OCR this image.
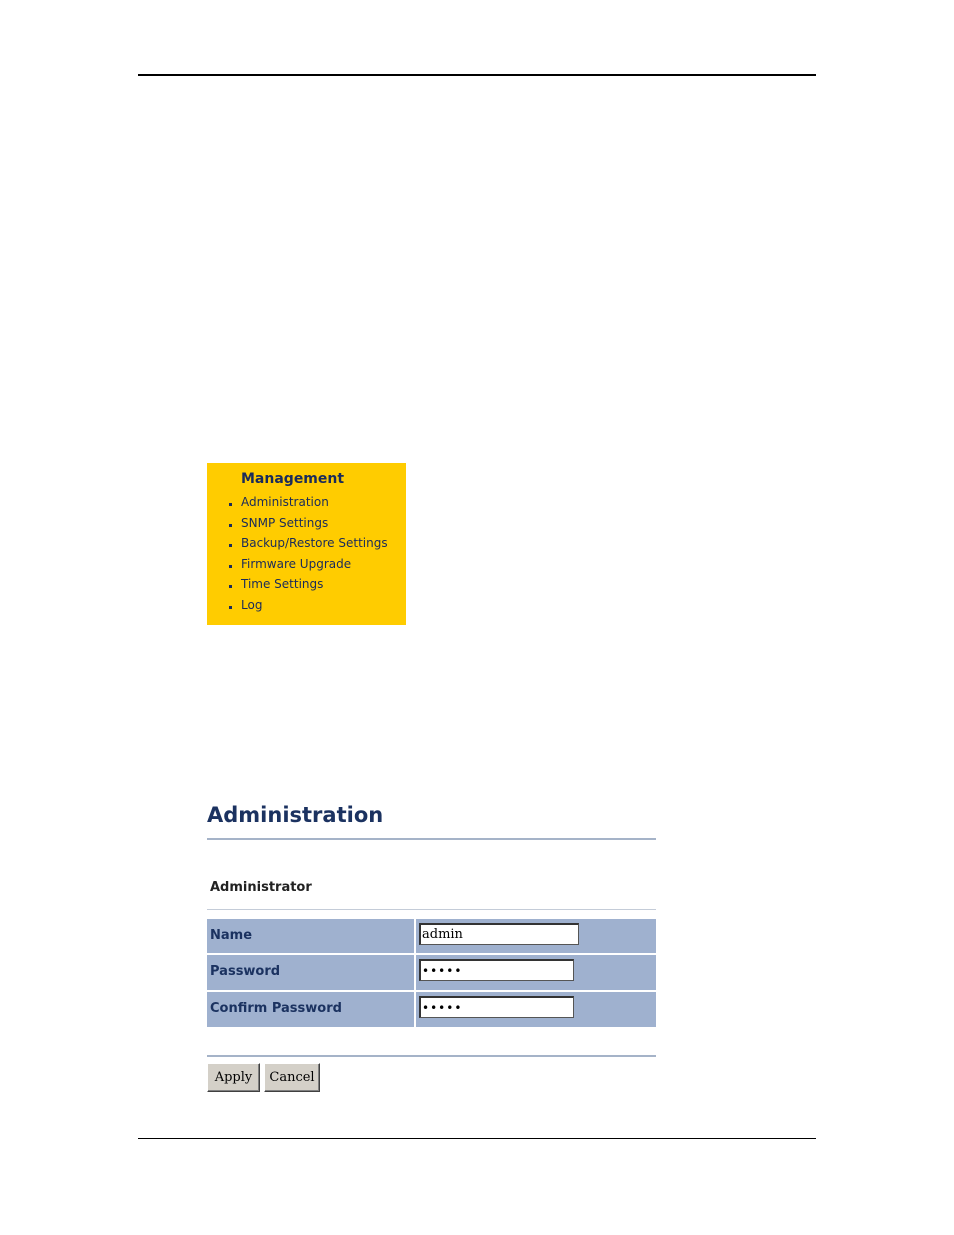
Management
Administration
SNMP Settings
Backup/Restore Settings
Firmware Upgrade
Time Settings
Log
Administration
Administrator
Name
admin
Password
•••••
Confirm Password
•••••
Apply	Cancel
